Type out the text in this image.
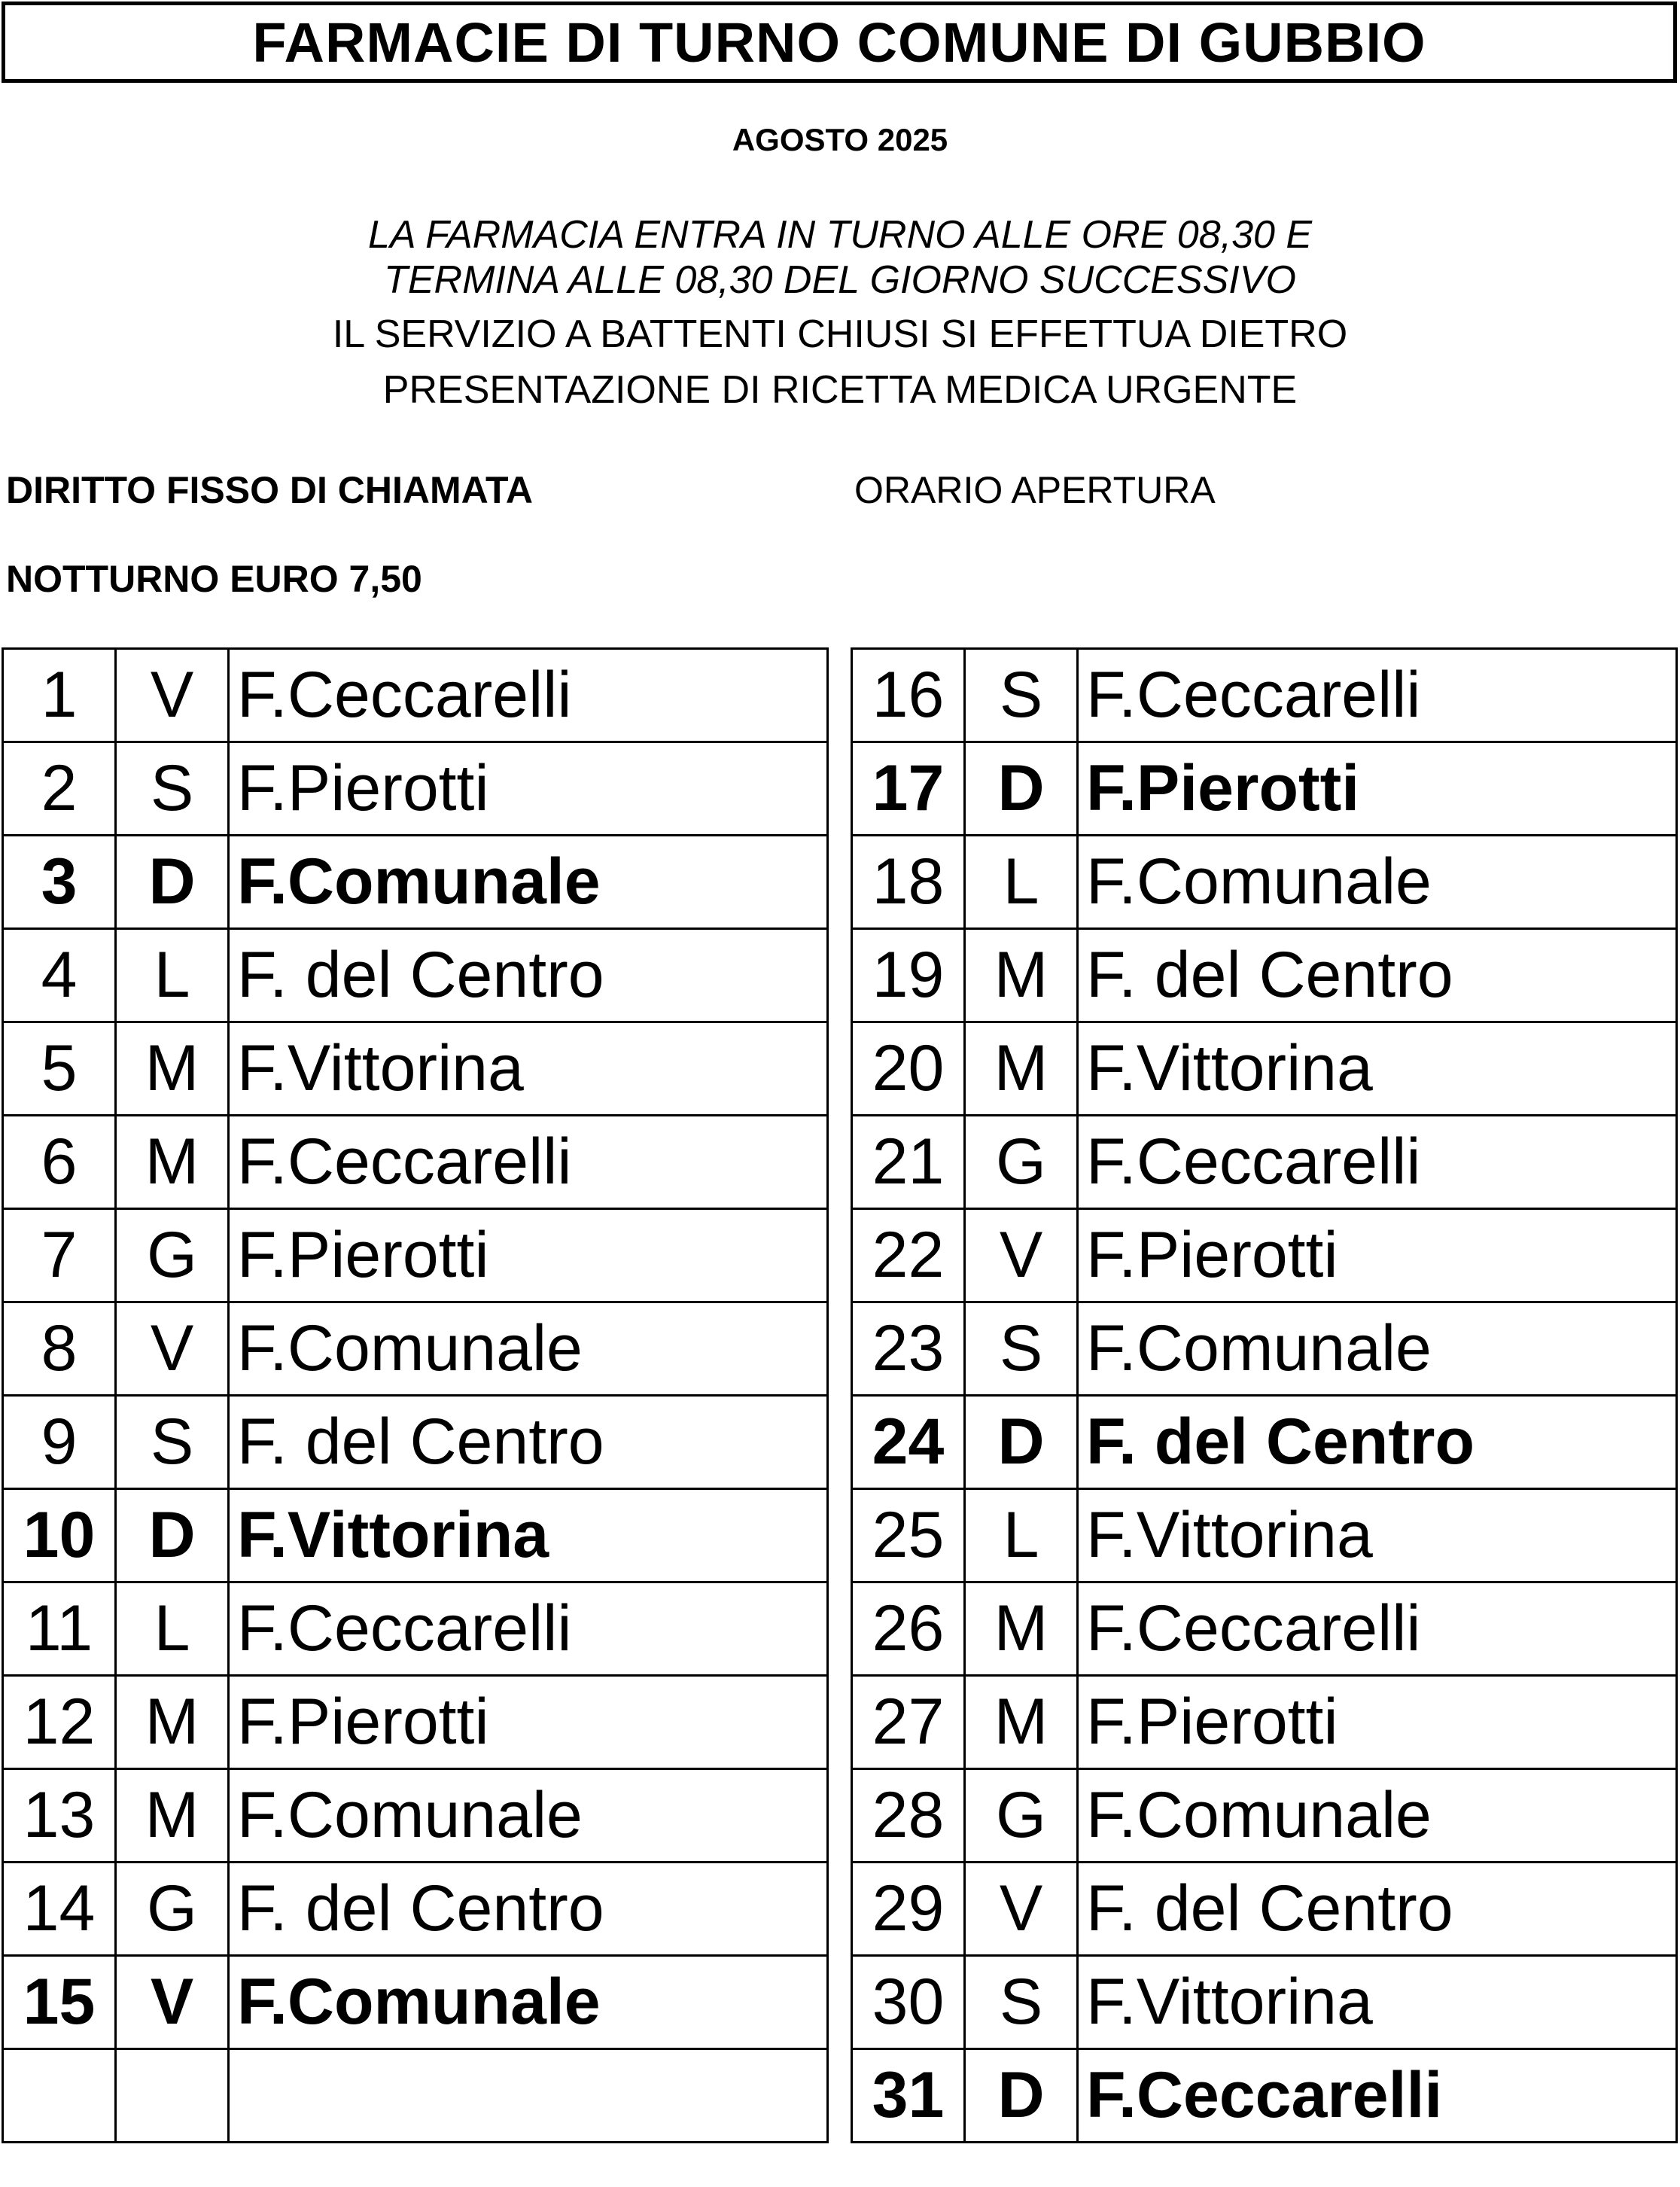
FARMACIE DI TURNO COMUNE DI GUBBIO
AGOSTO 2025
LA FARMACIA ENTRA IN TURNO ALLE ORE 08,30 E
TERMINA ALLE 08,30 DEL GIORNO SUCCESSIVO
IL SERVIZIO A BATTENTI CHIUSI SI EFFETTUA DIETRO
PRESENTAZIONE DI RICETTA MEDICA URGENTE
DIRITTO FISSO DI CHIAMATA	ORARIO APERTURA
NOTTURNO EURO 7,50
1	V	F.Ceccarelli
2	S	F.Pierotti
3	D	F.Comunale
4	L	F. del Centro
5	M	F.Vittorina
6	M	F.Ceccarelli
7	G	F.Pierotti
8	V	F.Comunale
9	S	F. del Centro
10	D	F.Vittorina
11	L	F.Ceccarelli
12	M	F.Pierotti
13	M	F.Comunale
14	G	F. del Centro
15	V	F.Comunale

16	S	F.Ceccarelli
17	D	F.Pierotti
18	L	F.Comunale
19	M	F. del Centro
20	M	F.Vittorina
21	G	F.Ceccarelli
22	V	F.Pierotti
23	S	F.Comunale
24	D	F. del Centro
25	L	F.Vittorina
26	M	F.Ceccarelli
27	M	F.Pierotti
28	G	F.Comunale
29	V	F. del Centro
30	S	F.Vittorina
31	D	F.Ceccarelli
